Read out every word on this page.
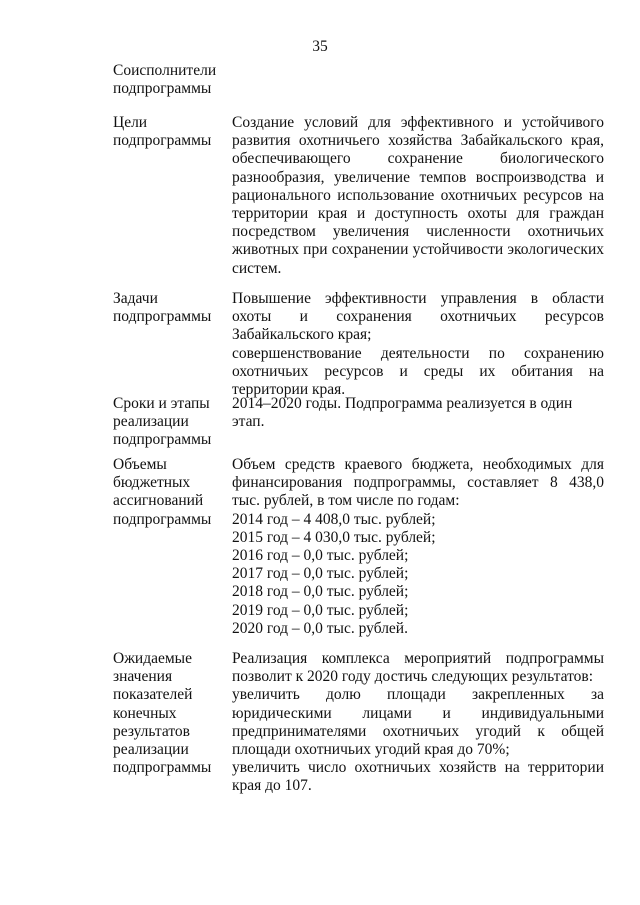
35
Соисполнители
подпрограммы
Цели
подпрограммы

Создание условий для эффективного и устойчивого развития охотничьего хозяйства Забайкальского края, обеспечивающего сохранение биологического разнообразия, увеличение темпов воспроизводства и рационального использование охотничьих ресурсов на территории края и доступность охоты для граждан посредством увеличения численности охотничьих животных при сохранении устойчивости экологических систем.

Задачи
подпрограммы

Повышение эффективности управления в области охоты и сохранения охотничьих ресурсов Забайкальского края;

совершенствование деятельности по сохранению охотничьих ресурсов и среды их обитания на территории края.

Сроки и этапы
реализации
подпрограммы

2014–2020 годы. Подпрограмма реализуется в один этап.

Объемы
бюджетных
ассигнований
подпрограммы

Объем средств краевого бюджета, необходимых для финансирования подпрограммы, составляет 8 438,0 тыс. рублей, в том числе по годам:

2014 год – 4 408,0 тыс. рублей;

2015 год – 4 030,0 тыс. рублей;

2016 год – 0,0 тыс. рублей;

2017 год – 0,0 тыс. рублей;

2018 год – 0,0 тыс. рублей;

2019 год – 0,0 тыс. рублей;

2020 год – 0,0 тыс. рублей.

Ожидаемые
значения
показателей
конечных
результатов
реализации
подпрограммы

Реализация комплекса мероприятий подпрограммы позволит к 2020 году достичь следующих результатов:

увеличить долю площади закрепленных за юридическими лицами и индивидуальными предпринимателями охотничьих угодий к общей площади охотничьих угодий края до 70%;

увеличить число охотничьих хозяйств на территории края до 107.
